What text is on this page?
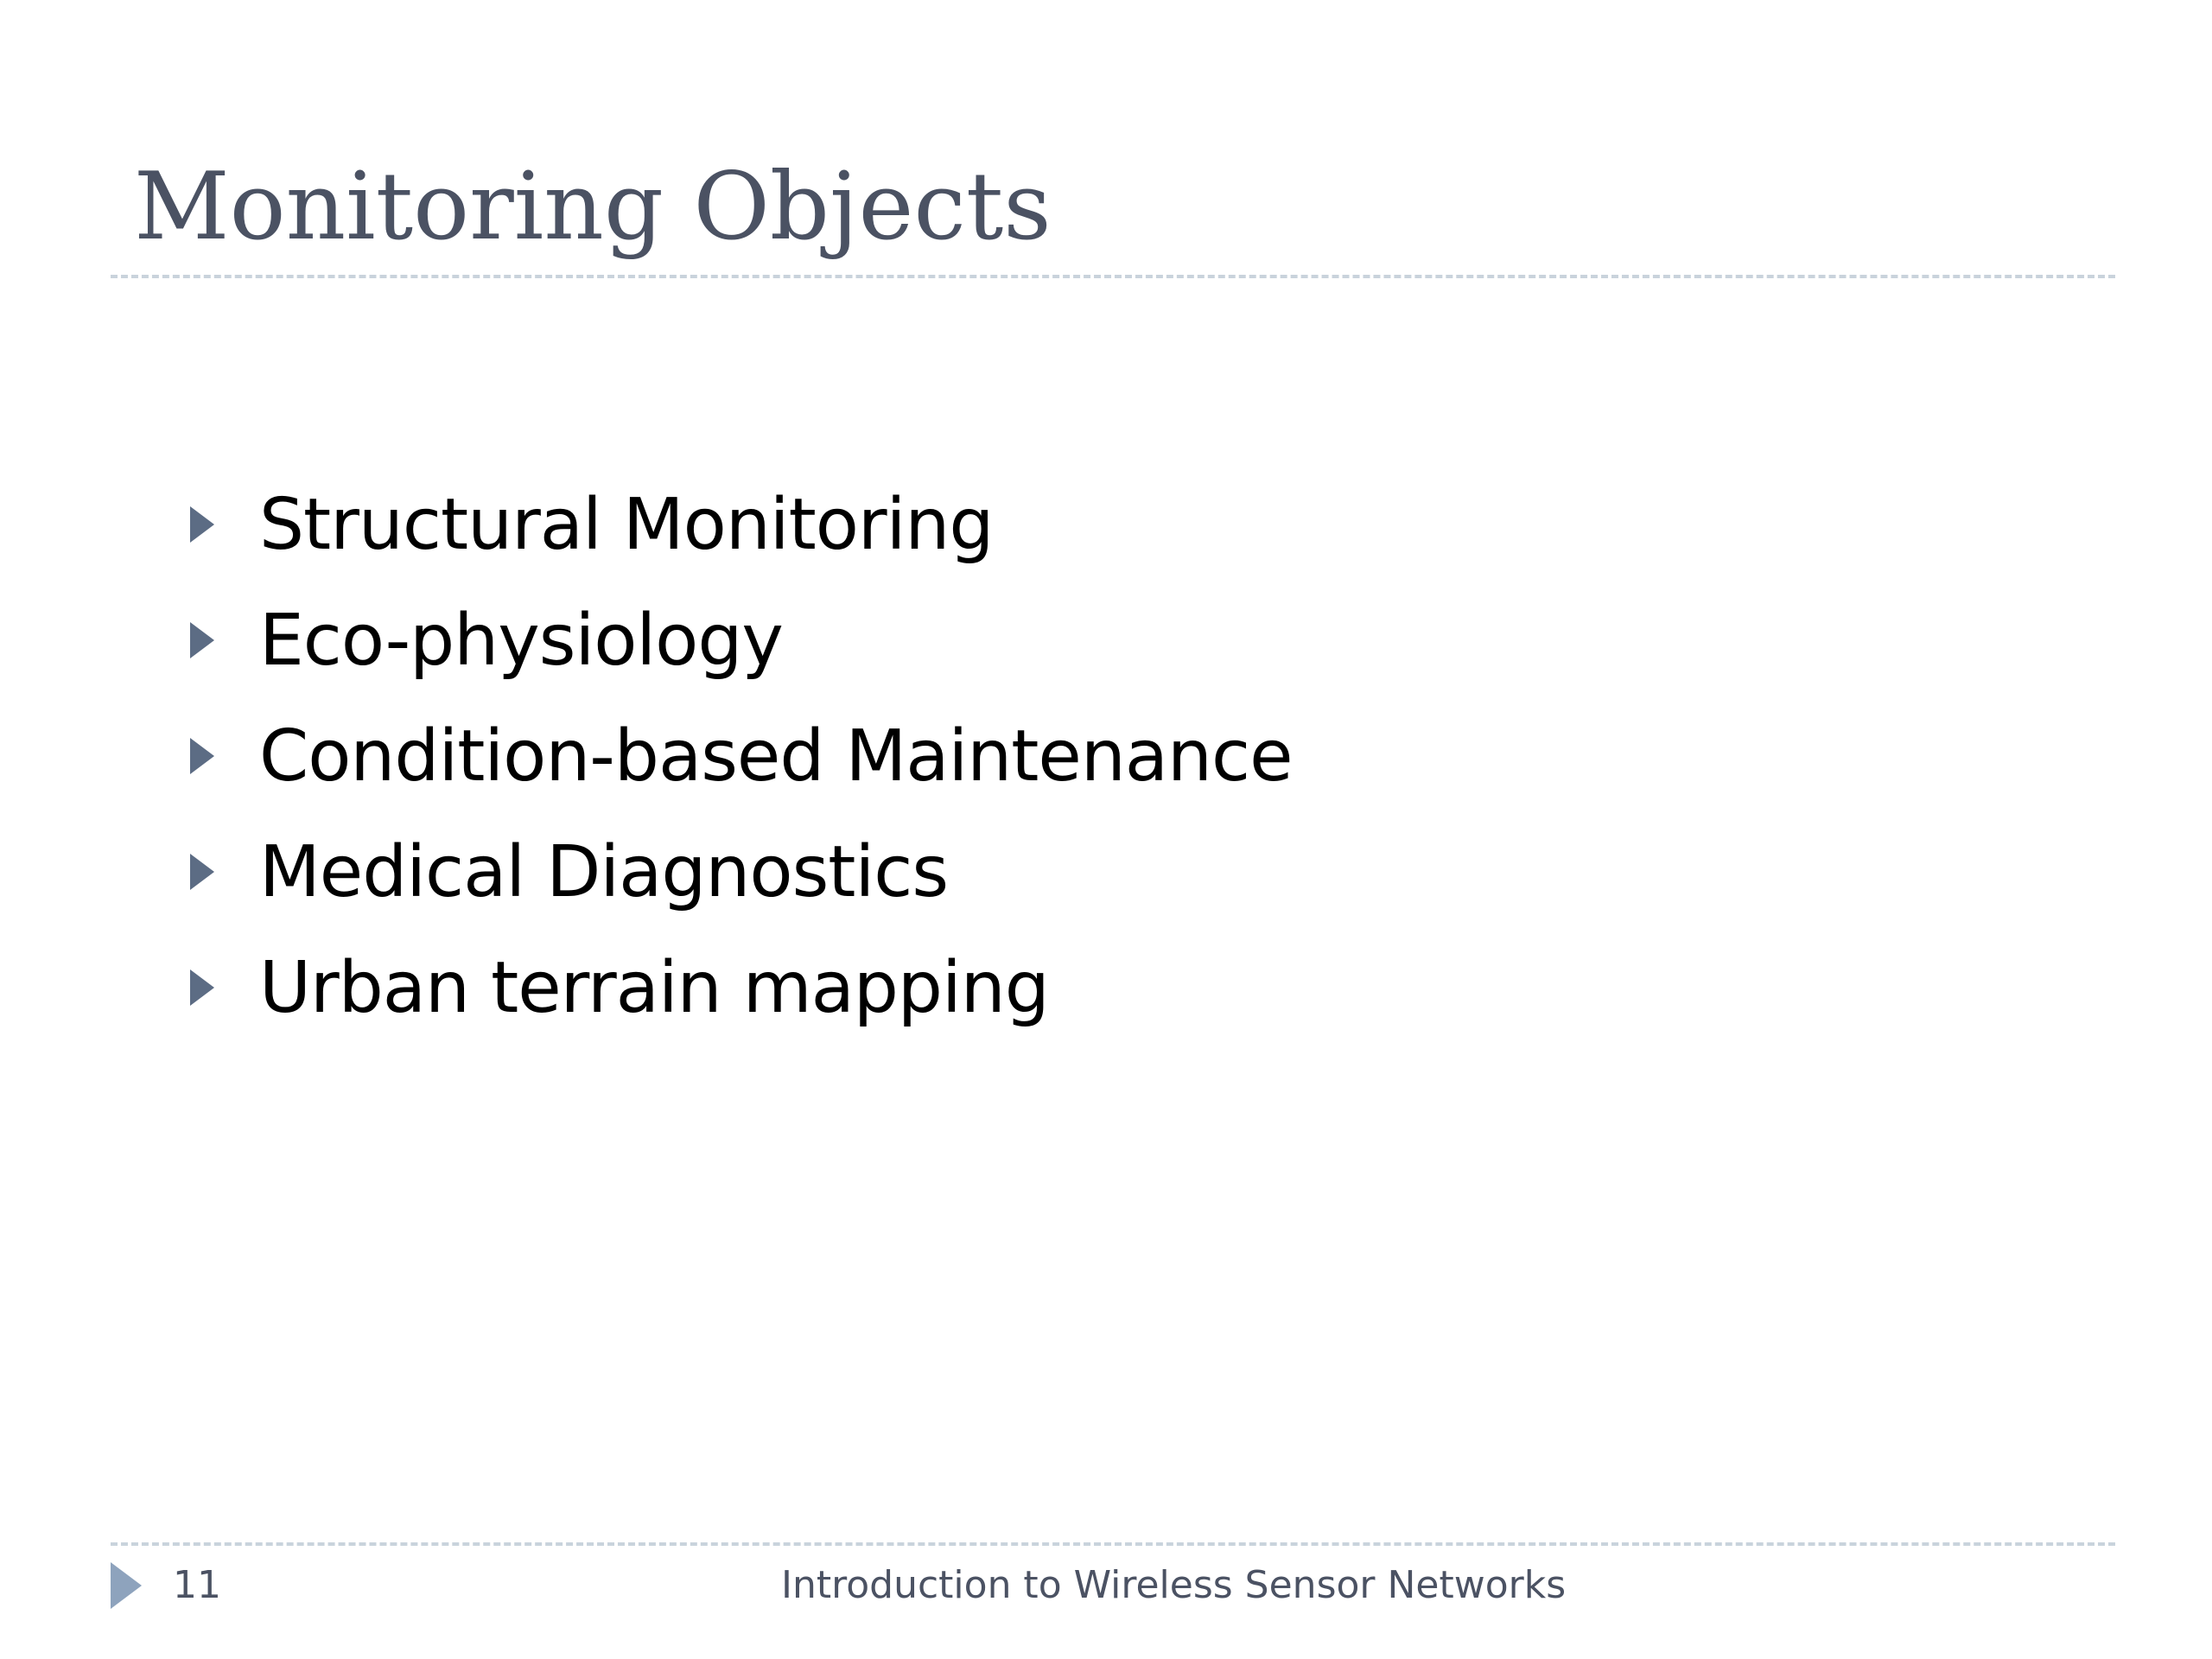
Monitoring Objects
Structural Monitoring
Eco-physiology
Condition-based Maintenance
Medical Diagnostics
Urban terrain mapping
11	Introduction to Wireless Sensor Networks
